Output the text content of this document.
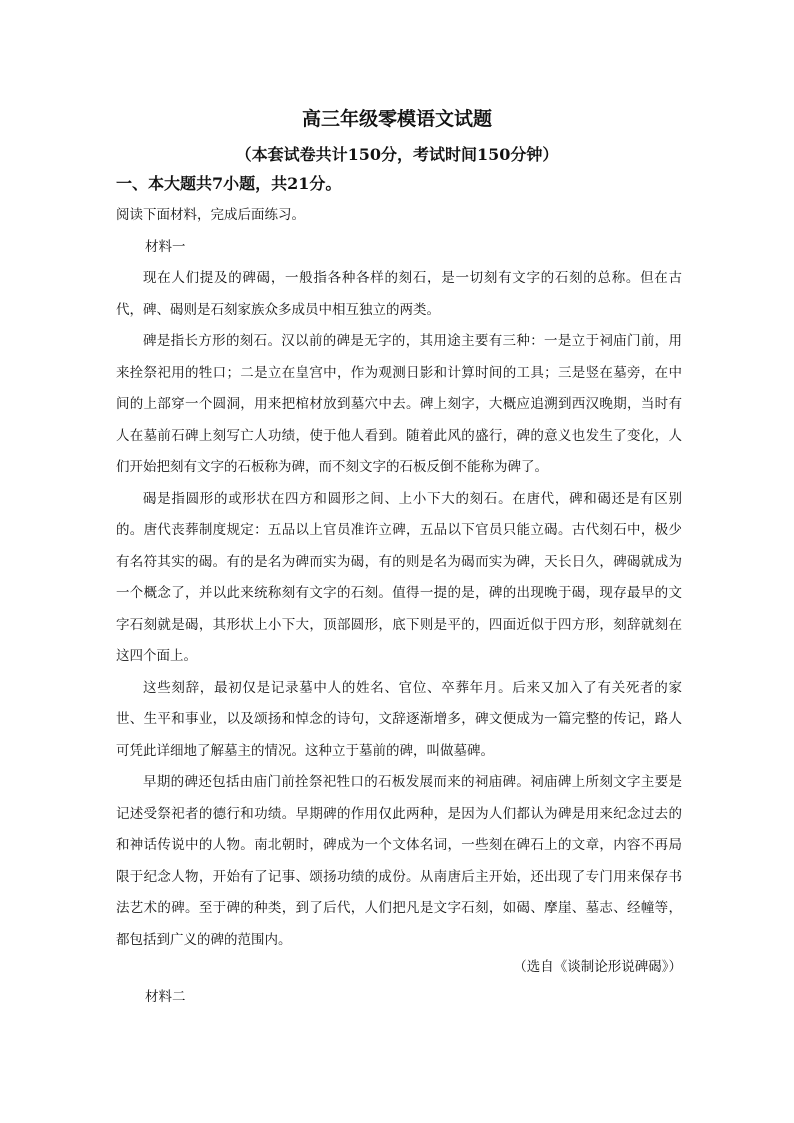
高三年级零模语文试题
（本套试卷共计150分，考试时间150分钟）
一、本大题共7小题，共21分。
阅读下面材料，完成后面练习。
材料一

现在人们提及的碑碣，一般指各种各样的刻石，是一切刻有文字的石刻的总称。但在古代，碑、碣则是石刻家族众多成员中相互独立的两类。

碑是指长方形的刻石。汉以前的碑是无字的，其用途主要有三种：一是立于祠庙门前，用来拴祭祀用的牲口；二是立在皇宫中，作为观测日影和计算时间的工具；三是竖在墓旁，在中间的上部穿一个圆洞，用来把棺材放到墓穴中去。碑上刻字，大概应追溯到西汉晚期，当时有人在墓前石碑上刻写亡人功绩，使于他人看到。随着此风的盛行，碑的意义也发生了变化，人们开始把刻有文字的石板称为碑，而不刻文字的石板反倒不能称为碑了。

碣是指圆形的或形状在四方和圆形之间、上小下大的刻石。在唐代，碑和碣还是有区别的。唐代丧葬制度规定：五品以上官员准许立碑，五品以下官员只能立碣。古代刻石中，极少有名符其实的碣。有的是名为碑而实为碣，有的则是名为碣而实为碑，天长日久，碑碣就成为一个概念了，并以此来统称刻有文字的石刻。值得一提的是，碑的出现晚于碣，现存最早的文字石刻就是碣，其形状上小下大，顶部圆形，底下则是平的，四面近似于四方形，刻辞就刻在这四个面上。

这些刻辞，最初仅是记录墓中人的姓名、官位、卒葬年月。后来又加入了有关死者的家世、生平和事业，以及颂扬和悼念的诗句，文辞逐渐增多，碑文便成为一篇完整的传记，路人可凭此详细地了解墓主的情况。这种立于墓前的碑，叫做墓碑。

早期的碑还包括由庙门前拴祭祀牲口的石板发展而来的祠庙碑。祠庙碑上所刻文字主要是记述受祭祀者的德行和功绩。早期碑的作用仅此两种，是因为人们都认为碑是用来纪念过去的和神话传说中的人物。南北朝时，碑成为一个文体名词，一些刻在碑石上的文章，内容不再局限于纪念人物，开始有了记事、颂扬功绩的成份。从南唐后主开始，还出现了专门用来保存书法艺术的碑。至于碑的种类，到了后代，人们把凡是文字石刻，如碣、摩崖、墓志、经幢等，都包括到广义的碑的范围内。

（选自《谈制论形说碑碣》）
材料二
